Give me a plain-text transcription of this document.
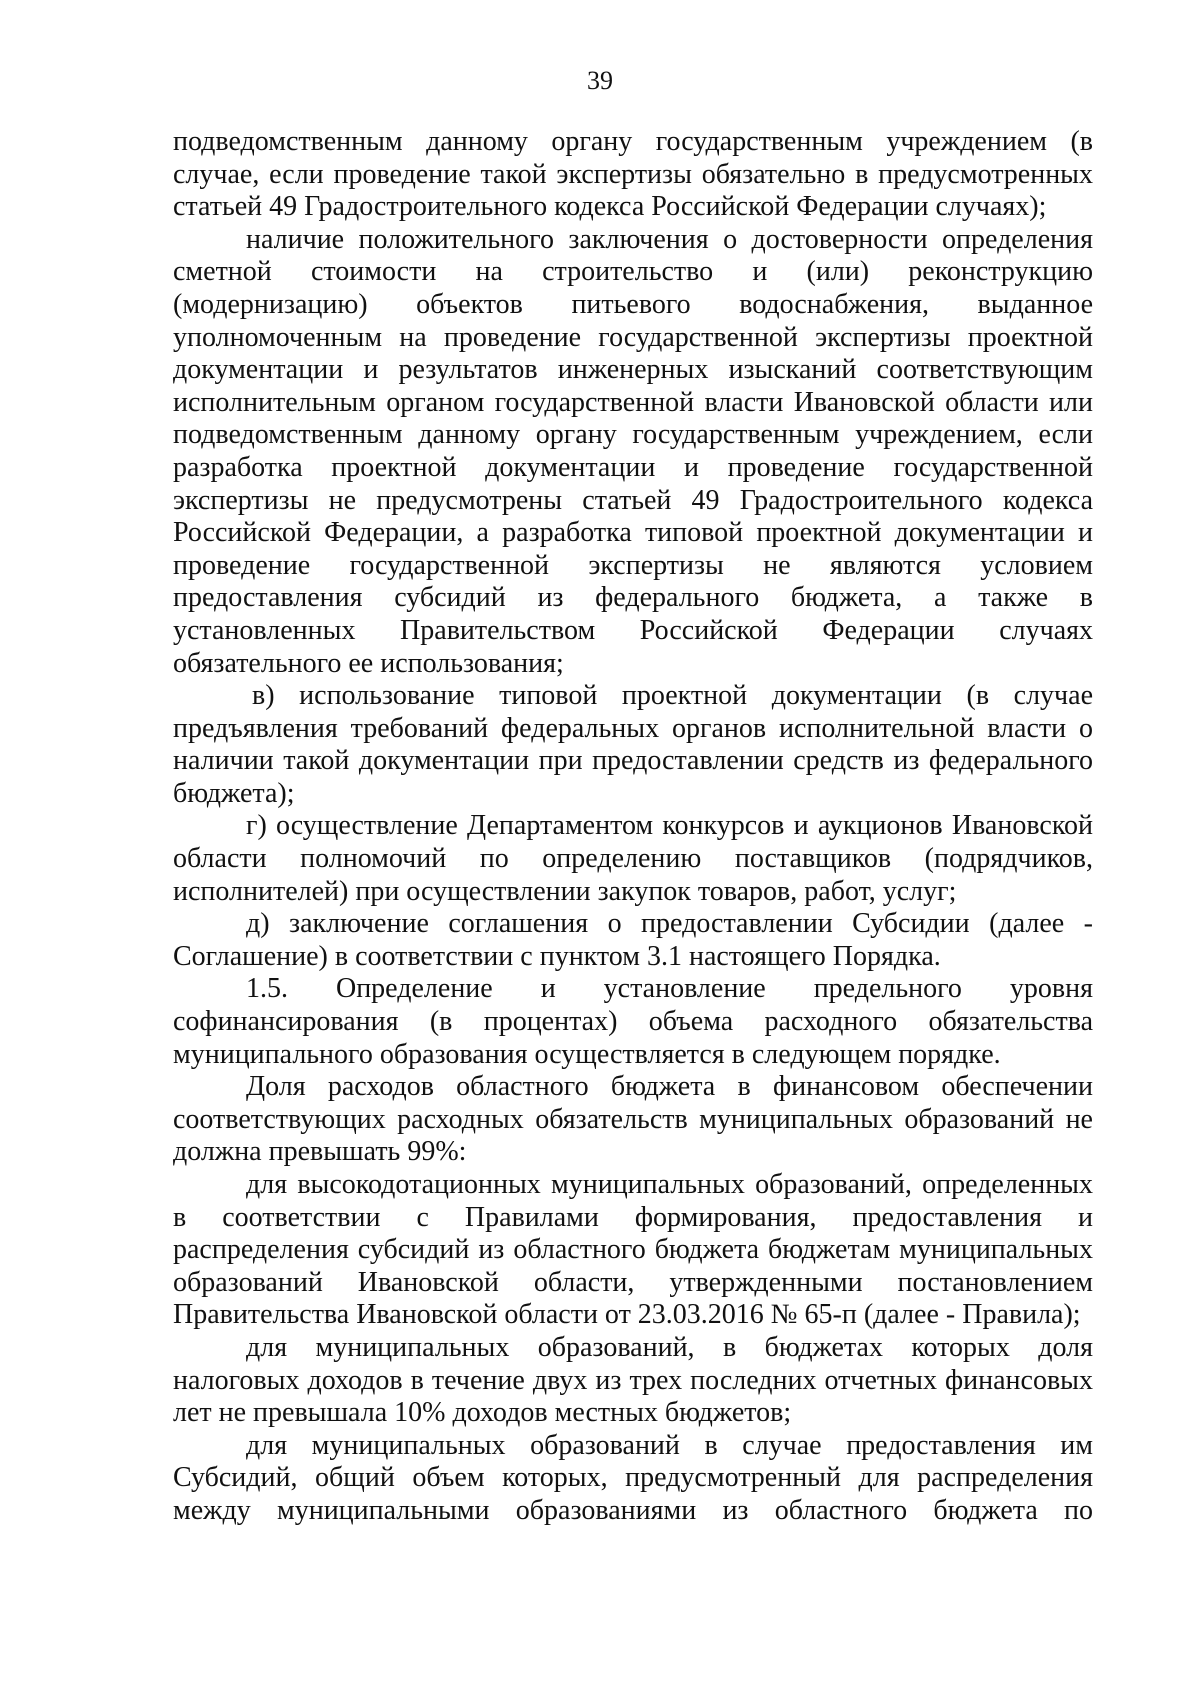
39

подведомственным данному органу государственным учреждением (в случае, если проведение такой экспертизы обязательно в предусмотренных статьей 49 Градостроительного кодекса Российской Федерации случаях);

наличие положительного заключения о достоверности определения сметной стоимости на строительство и (или) реконструкцию (модернизацию) объектов питьевого водоснабжения, выданное уполномоченным на проведение государственной экспертизы проектной документации и результатов инженерных изысканий соответствующим исполнительным органом государственной власти Ивановской области или подведомственным данному органу государственным учреждением, если разработка проектной документации и проведение государственной экспертизы не предусмотрены статьей 49 Градостроительного кодекса Российской Федерации, а разработка типовой проектной документации и проведение государственной экспертизы не являются условием предоставления субсидий из федерального бюджета, а также в установленных Правительством Российской Федерации случаях обязательного ее использования;

в) использование типовой проектной документации (в случае предъявления требований федеральных органов исполнительной власти о наличии такой документации при предоставлении средств из федерального бюджета);

г) осуществление Департаментом конкурсов и аукционов Ивановской области полномочий по определению поставщиков (подрядчиков, исполнителей) при осуществлении закупок товаров, работ, услуг;

д) заключение соглашения о предоставлении Субсидии (далее - Соглашение) в соответствии с пунктом 3.1 настоящего Порядка.

1.5. Определение и установление предельного уровня софинансирования (в процентах) объема расходного обязательства муниципального образования осуществляется в следующем порядке.

Доля расходов областного бюджета в финансовом обеспечении соответствующих расходных обязательств муниципальных образований не должна превышать 99%:

для высокодотационных муниципальных образований, определенных в соответствии с Правилами формирования, предоставления и распределения субсидий из областного бюджета бюджетам муниципальных образований Ивановской области, утвержденными постановлением Правительства Ивановской области от 23.03.2016 № 65-п (далее - Правила);

для муниципальных образований, в бюджетах которых доля налоговых доходов в течение двух из трех последних отчетных финансовых лет не превышала 10% доходов местных бюджетов;

для муниципальных образований в случае предоставления им Субсидий, общий объем которых, предусмотренный для распределения между муниципальными образованиями из областного бюджета по
